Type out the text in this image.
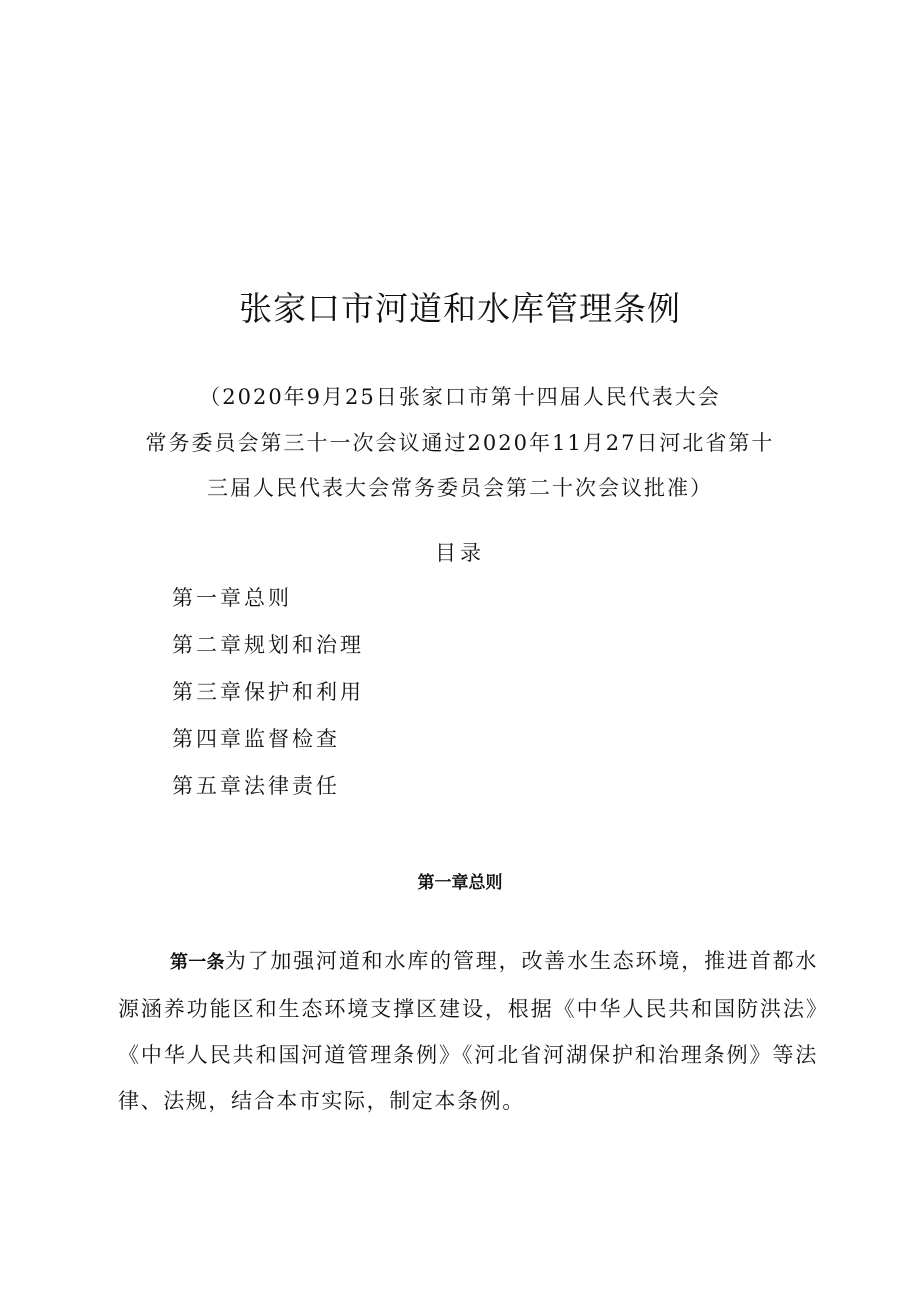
张家口市河道和水库管理条例
（2020年9月25日张家口市第十四届人民代表大会
常务委员会第三十一次会议通过2020年11月27日河北省第十
三届人民代表大会常务委员会第二十次会议批准）
目录
第一章总则
第二章规划和治理
第三章保护和利用
第四章监督检查
第五章法律责任
第一章总则

第一条为了加强河道和水库的管理，改善水生态环境，推进首都水源涵养功能区和生态环境支撑区建设，根据《中华人民共和国防洪法》《中华人民共和国河道管理条例》《河北省河湖保护和治理条例》等法律、法规，结合本市实际，制定本条例。
